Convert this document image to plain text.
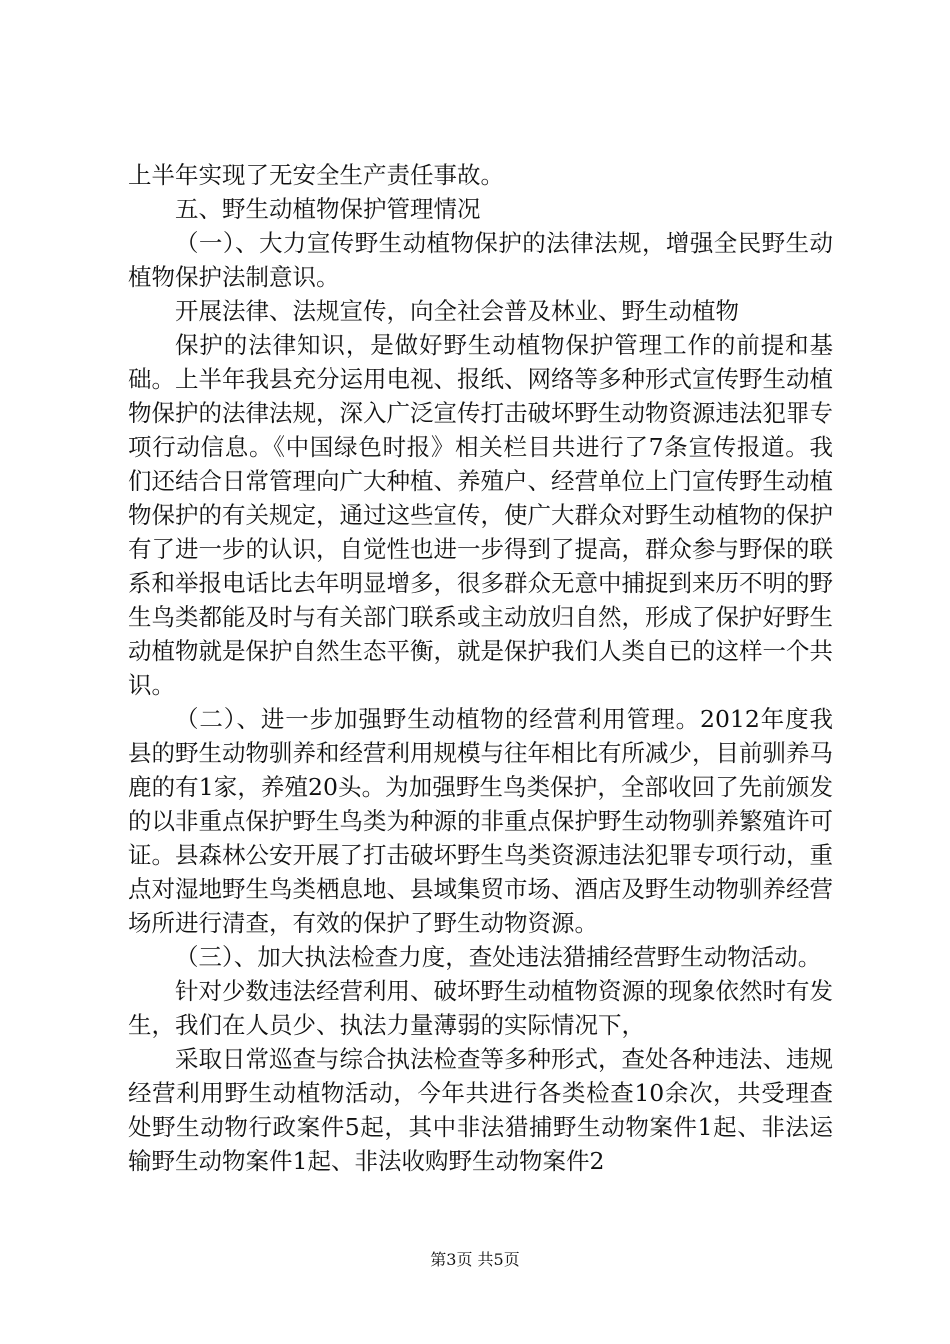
上半年实现了无安全生产责任事故。

五、野生动植物保护管理情况

（一）、大力宣传野生动植物保护的法律法规，增强全民野生动植物保护法制意识。

开展法律、法规宣传，向全社会普及林业、野生动植物

保护的法律知识，是做好野生动植物保护管理工作的前提和基础。上半年我县充分运用电视、报纸、网络等多种形式宣传野生动植物保护的法律法规，深入广泛宣传打击破坏野生动物资源违法犯罪专项行动信息。《中国绿色时报》相关栏目共进行了7条宣传报道。我们还结合日常管理向广大种植、养殖户、经营单位上门宣传野生动植物保护的有关规定，通过这些宣传，使广大群众对野生动植物的保护有了进一步的认识，自觉性也进一步得到了提高，群众参与野保的联系和举报电话比去年明显增多，很多群众无意中捕捉到来历不明的野生鸟类都能及时与有关部门联系或主动放归自然，形成了保护好野生动植物就是保护自然生态平衡，就是保护我们人类自已的这样一个共识。

（二）、进一步加强野生动植物的经营利用管理。2012年度我县的野生动物驯养和经营利用规模与往年相比有所减少，目前驯养马鹿的有1家，养殖20头。为加强野生鸟类保护，全部收回了先前颁发的以非重点保护野生鸟类为种源的非重点保护野生动物驯养繁殖许可证。县森林公安开展了打击破坏野生鸟类资源违法犯罪专项行动，重点对湿地野生鸟类栖息地、县域集贸市场、酒店及野生动物驯养经营场所进行清查，有效的保护了野生动物资源。

（三）、加大执法检查力度，查处违法猎捕经营野生动物活动。

针对少数违法经营利用、破坏野生动植物资源的现象依然时有发生，我们在人员少、执法力量薄弱的实际情况下，

采取日常巡查与综合执法检查等多种形式，查处各种违法、违规经营利用野生动植物活动，今年共进行各类检查10余次，共受理查处野生动物行政案件5起，其中非法猎捕野生动物案件1起、非法运输野生动物案件1起、非法收购野生动物案件2

第3页 共5页
